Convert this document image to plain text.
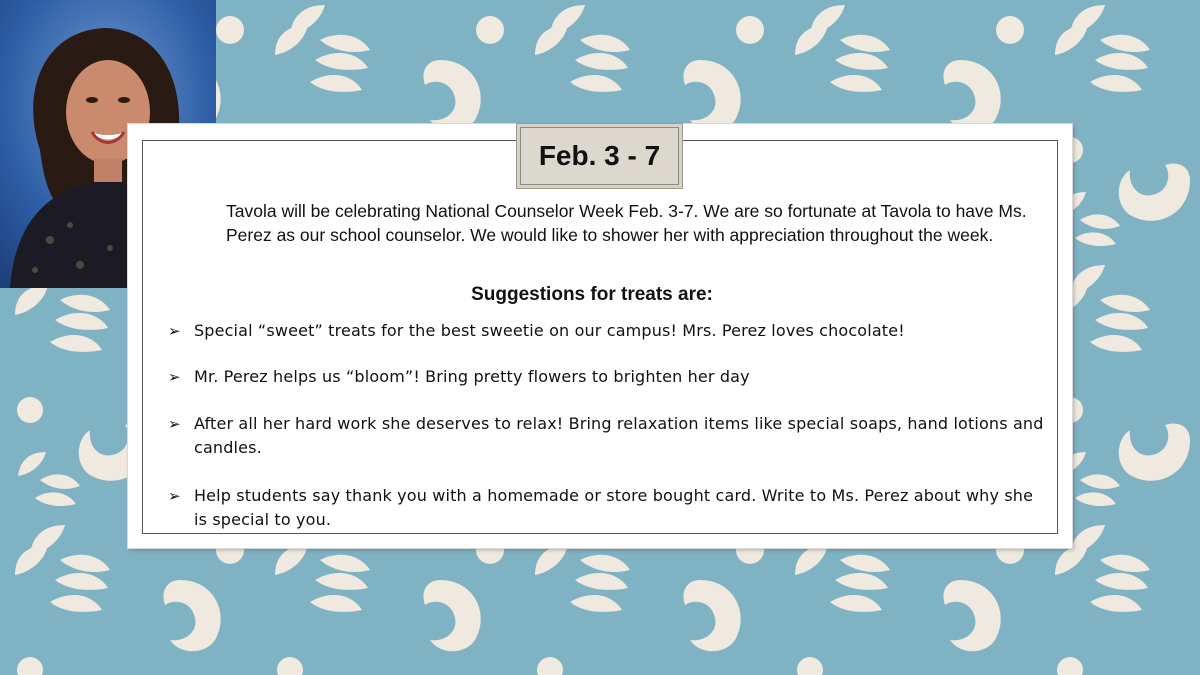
Feb. 3 - 7
Tavola will be celebrating National Counselor Week Feb. 3-7. We are so fortunate at Tavola to have Ms. Perez as our school counselor. We would like to shower her with appreciation throughout the week.
Suggestions for treats are:
➢ Special “sweet” treats for the best sweetie on our campus! Mrs. Perez loves chocolate!
➢ Mr. Perez helps us “bloom”! Bring pretty flowers to brighten her day
➢ After all her hard work she deserves to relax! Bring relaxation items like special soaps, hand lotions and candles.
➢ Help students say thank you with a homemade or store bought card. Write to Ms. Perez about why she is special to you.
